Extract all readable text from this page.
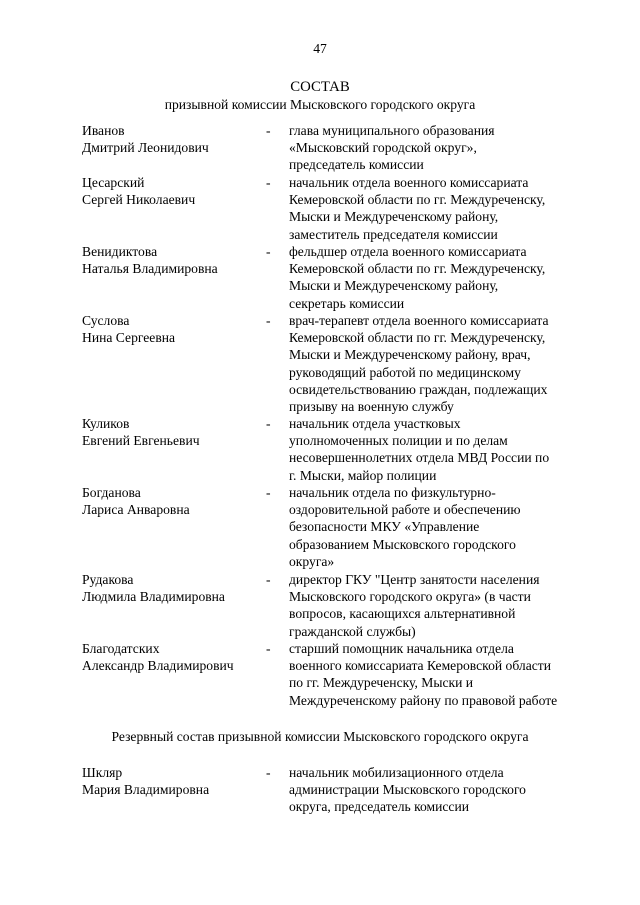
47
СОСТАВ
призывной комиссии Мысковского городского округа
Иванов
Дмитрий Леонидович
- глава муниципального образования
«Мысковский городской округ»,
председатель комиссии
Цесарский
Сергей Николаевич
- начальник отдела военного комиссариата
Кемеровской области по гг. Междуреченску,
Мыски и Междуреченскому району,
заместитель председателя комиссии
Венидиктова
Наталья Владимировна
- фельдшер отдела военного комиссариата
Кемеровской области по гг. Междуреченску,
Мыски и Междуреченскому району,
секретарь комиссии
Суслова
Нина Сергеевна
- врач-терапевт отдела военного комиссариата
Кемеровской области по гг. Междуреченску,
Мыски и Междуреченскому району, врач,
руководящий работой по медицинскому
освидетельствованию граждан, подлежащих
призыву на военную службу
Куликов
Евгений Евгеньевич
- начальник отдела участковых
уполномоченных полиции и по делам
несовершеннолетних отдела МВД России по
г. Мыски, майор полиции
Богданова
Лариса Анваровна
- начальник отдела по физкультурно-
оздоровительной работе и обеспечению
безопасности МКУ «Управление
образованием Мысковского городского
округа»
Рудакова
Людмила Владимировна
- директор ГКУ "Центр занятости населения
Мысковского городского округа» (в части
вопросов, касающихся альтернативной
гражданской службы)
Благодатских
Александр Владимирович
- старший помощник начальника отдела
военного комиссариата Кемеровской области
по гг. Междуреченску, Мыски и
Междуреченскому району по правовой работе
Резервный состав призывной комиссии Мысковского городского округа
Шкляр
Мария Владимировна
- начальник мобилизационного отдела
администрации Мысковского городского
округа, председатель комиссии
